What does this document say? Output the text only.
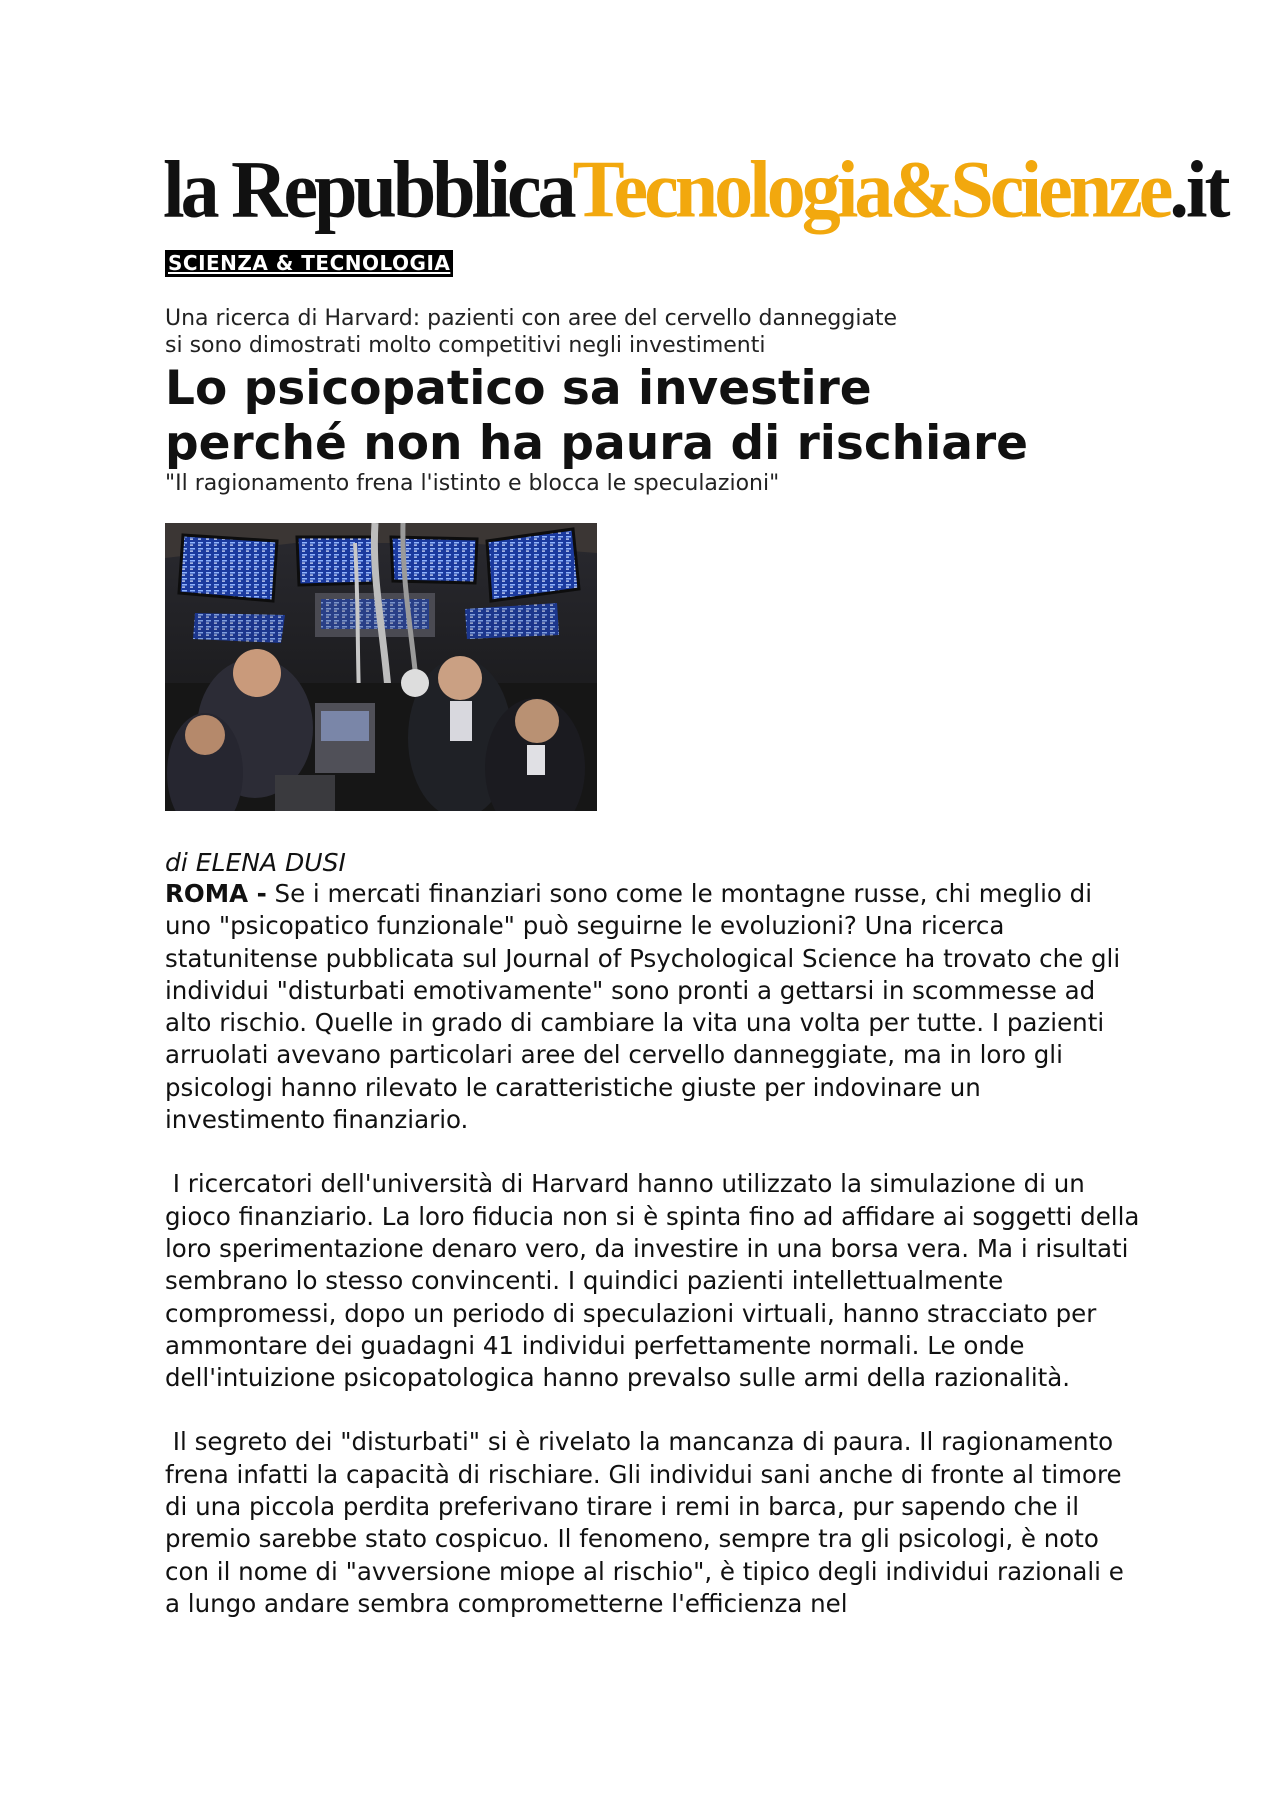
la RepubblicaTecnologia&Scienze.it
SCIENZA & TECNOLOGIA
Una ricerca di Harvard: pazienti con aree del cervello danneggiate
si sono dimostrati molto competitivi negli investimenti
Lo psicopatico sa investire
perché non ha paura di rischiare
"Il ragionamento frena l'istinto e blocca le speculazioni"
di ELENA DUSI

ROMA - Se i mercati finanziari sono come le montagne russe, chi meglio di uno "psicopatico funzionale" può seguirne le evoluzioni? Una ricerca statunitense pubblicata sul Journal of Psychological Science ha trovato che gli individui "disturbati emotivamente" sono pronti a gettarsi in scommesse ad alto rischio. Quelle in grado di cambiare la vita una volta per tutte. I pazienti arruolati avevano particolari aree del cervello danneggiate, ma in loro gli psicologi hanno rilevato le caratteristiche giuste per indovinare un investimento finanziario.

I ricercatori dell'università di Harvard hanno utilizzato la simulazione di un gioco finanziario. La loro fiducia non si è spinta fino ad affidare ai soggetti della loro sperimentazione denaro vero, da investire in una borsa vera. Ma i risultati sembrano lo stesso convincenti. I quindici pazienti intellettualmente compromessi, dopo un periodo di speculazioni virtuali, hanno stracciato per ammontare dei guadagni 41 individui perfettamente normali. Le onde dell'intuizione psicopatologica hanno prevalso sulle armi della razionalità.

Il segreto dei "disturbati" si è rivelato la mancanza di paura. Il ragionamento frena infatti la capacità di rischiare. Gli individui sani anche di fronte al timore di una piccola perdita preferivano tirare i remi in barca, pur sapendo che il premio sarebbe stato cospicuo. Il fenomeno, sempre tra gli psicologi, è noto con il nome di "avversione miope al rischio", è tipico degli individui razionali e a lungo andare sembra comprometterne l'efficienza nel
